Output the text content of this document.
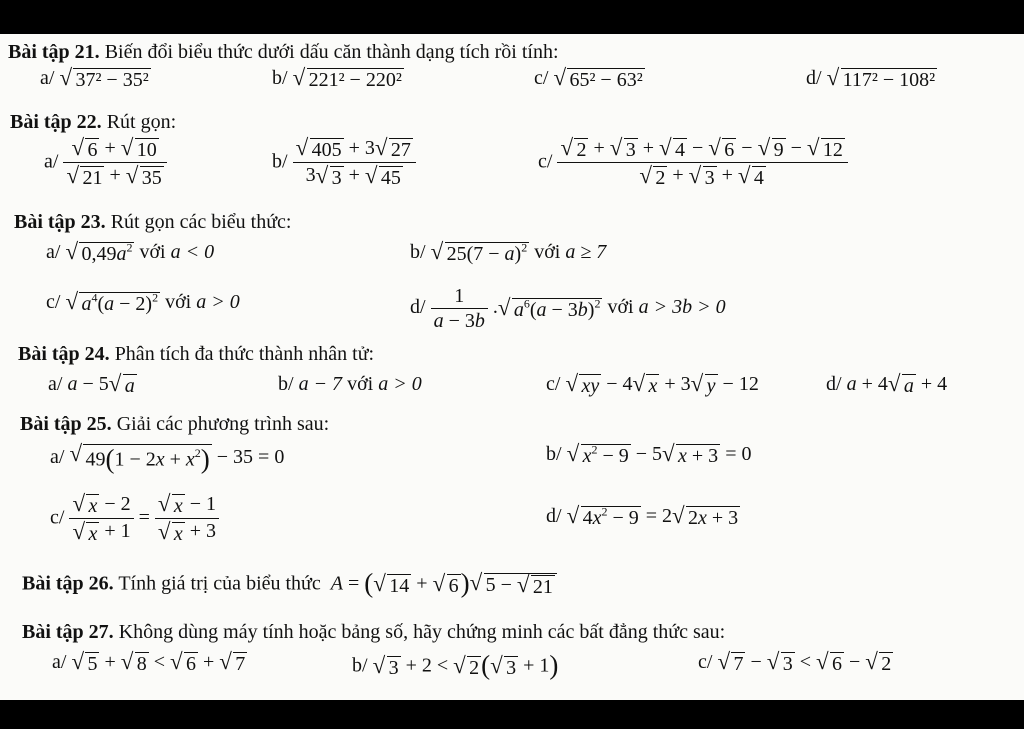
Bài tập 21. Biến đổi biểu thức dưới dấu căn thành dạng tích rồi tính:
a/ √ 37² − 35²	b/ √ 221² − 220²	c/ √ 65² − 63²	d/ √ 117² − 108²
Bài tập 22. Rút gọn:
a/
√ 6 + √ 10
√ 21 + √ 35	b/
√ $\frac{405 + 3√ 27}{3√ 3 + √ 45}$	c/
√ 2 + √ 3 + √ 4 − √ 6 − √ 9 − √ 12
√ 2 + √ 3 + √ 4
Bài tập 23. Rút gọn các biểu thức:
a/ √ $0,49a^2$ với a < 0	b/ √ $25(7 - a)^2$ với a ≥ 7
c/ √ $a^4(a - 2)^2$ với a > 0	$d/ \frac{1}{a - 3b}$ .√ $a^6(a - 3b)^2$ với a > 3b > 0
Bài tập 24. Phân tích đa thức thành nhân tử:
a/ a − 5√ a	b/ a − 7 với a > 0	c/ √ xy − 4√ x + 3√ y − 12	d/ a + 4√ a + 4
Bài tập 25. Giải các phương trình sau:
a/ √ $49(1 - 2x + x^2) - 35 = 0$	b/ √ $x^2 - 9 - 5√$ x + 3 = 0
c/
√ x − 2
√ x + 1 =
√ x − 1
√ x + 3	d/ √ $4x^2 - 9 = 2√$ 2x + 3
Bài tập 26. Tính giá trị của biểu thức A = (√ 14 + √ 6)√ 5 − √ 21
Bài tập 27. Không dùng máy tính hoặc bảng số, hãy chứng minh các bất đẳng thức sau:
a/ √ 5 + √ 8 < √ 6 + √ 7	b/ √ 3 + 2 < √ 2(√ 3 + 1)	c/ √ 7 − √ 3 < √ 6 − √ 2
